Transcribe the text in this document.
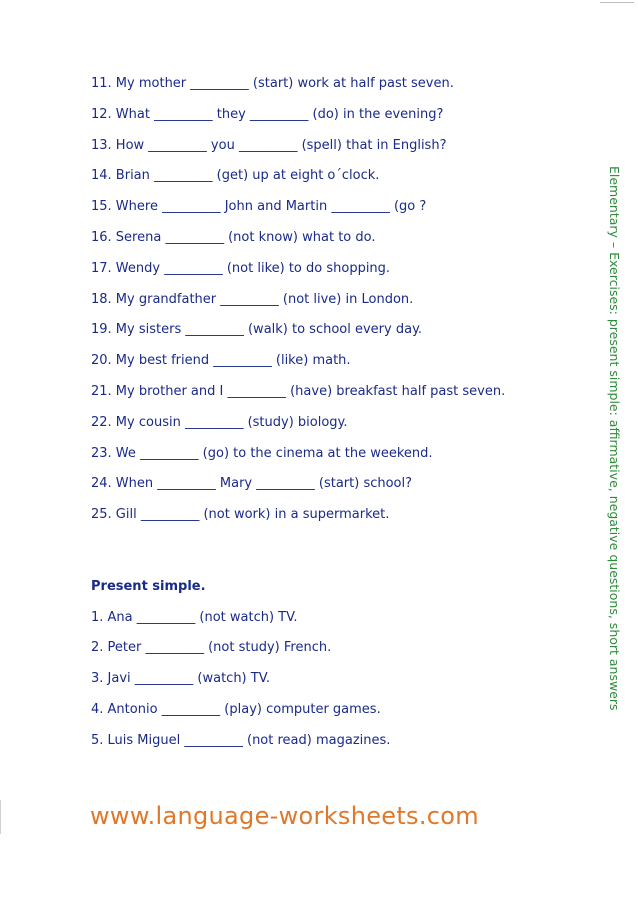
11. My mother _________ (start) work at half past seven.
12. What _________ they _________ (do) in the evening?
13. How _________ you _________ (spell) that in English?
14. Brian _________ (get) up at eight o´clock.
15. Where _________ John and Martin _________ (go ?
16. Serena _________ (not know) what to do.
17. Wendy _________ (not like) to do shopping.
18. My grandfather _________ (not live) in London.
19. My sisters _________ (walk) to school every day.
20. My best friend _________ (like) math.
21. My brother and I _________ (have) breakfast half past seven.
22. My cousin _________ (study) biology.
23. We _________ (go) to the cinema at the weekend.
24. When _________ Mary _________ (start) school?
25. Gill _________ (not work) in a supermarket.
Present simple.
1. Ana _________ (not watch) TV.
2. Peter _________ (not study) French.
3. Javi _________ (watch) TV.
4. Antonio _________ (play) computer games.
5. Luis Miguel _________ (not read) magazines.
Elementary – Exercises: present simple: affirmative, negative questions, short answers
www.language-worksheets.com
